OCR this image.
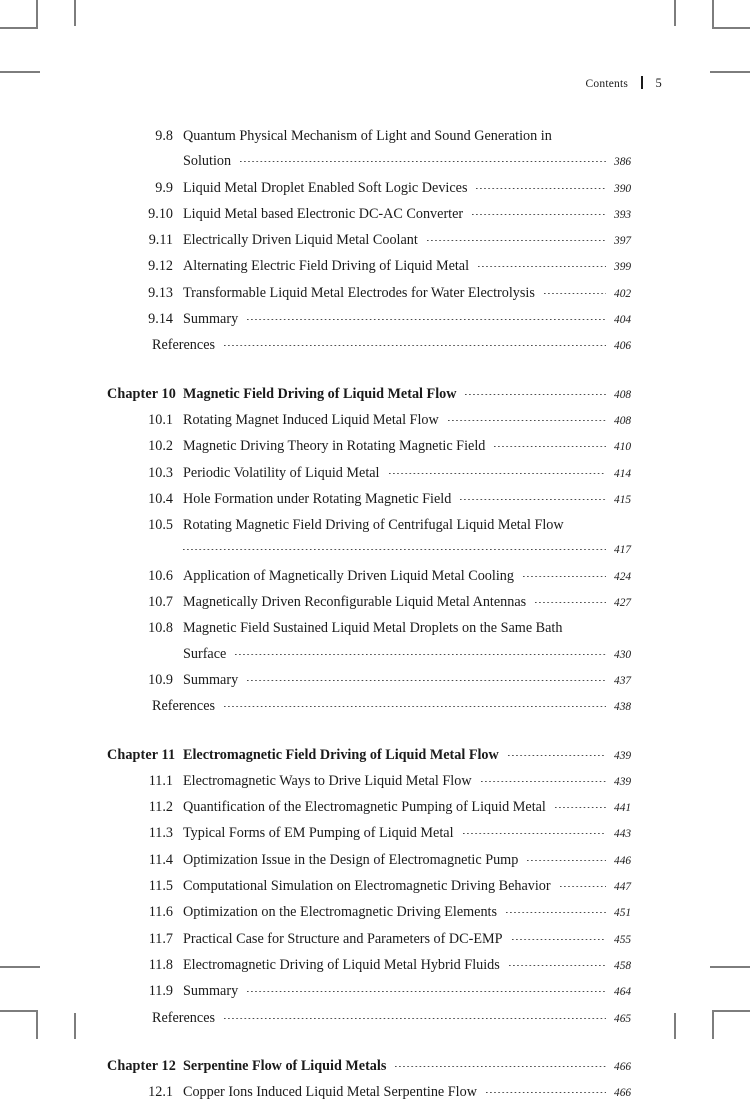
Contents 5
9.8 Quantum Physical Mechanism of Light and Sound Generation in
Solution	386
9.9 Liquid Metal Droplet Enabled Soft Logic Devices	390
9.10 Liquid Metal based Electronic DC-AC Converter	393
9.11 Electrically Driven Liquid Metal Coolant	397
9.12 Alternating Electric Field Driving of Liquid Metal	399
9.13 Transformable Liquid Metal Electrodes for Water Electrolysis	402
9.14 Summary	404
References	406
Chapter 10 Magnetic Field Driving of Liquid Metal Flow	408
10.1 Rotating Magnet Induced Liquid Metal Flow	408
10.2 Magnetic Driving Theory in Rotating Magnetic Field	410
10.3 Periodic Volatility of Liquid Metal	414
10.4 Hole Formation under Rotating Magnetic Field	415
10.5 Rotating Magnetic Field Driving of Centrifugal Liquid Metal Flow
417
10.6 Application of Magnetically Driven Liquid Metal Cooling	424
10.7 Magnetically Driven Reconfigurable Liquid Metal Antennas	427
10.8 Magnetic Field Sustained Liquid Metal Droplets on the Same Bath
Surface	430
10.9 Summary	437
References	438
Chapter 11 Electromagnetic Field Driving of Liquid Metal Flow	439
11.1 Electromagnetic Ways to Drive Liquid Metal Flow	439
11.2 Quantification of the Electromagnetic Pumping of Liquid Metal	441
11.3 Typical Forms of EM Pumping of Liquid Metal	443
11.4 Optimization Issue in the Design of Electromagnetic Pump	446
11.5 Computational Simulation on Electromagnetic Driving Behavior	447
11.6 Optimization on the Electromagnetic Driving Elements	451
11.7 Practical Case for Structure and Parameters of DC-EMP	455
11.8 Electromagnetic Driving of Liquid Metal Hybrid Fluids	458
11.9 Summary	464
References	465
Chapter 12 Serpentine Flow of Liquid Metals	466
12.1 Copper Ions Induced Liquid Metal Serpentine Flow	466
